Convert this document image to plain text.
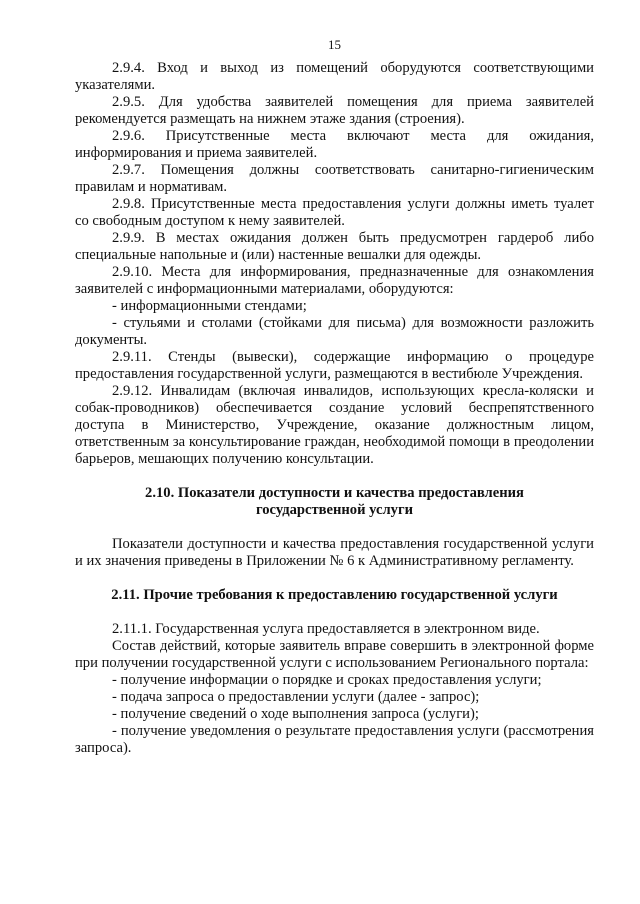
15

2.9.4. Вход и выход из помещений оборудуются соответствующими указателями.

2.9.5. Для удобства заявителей помещения для приема заявителей рекомендуется размещать на нижнем этаже здания (строения).

2.9.6. Присутственные места включают места для ожидания, информирования и приема заявителей.

2.9.7. Помещения должны соответствовать санитарно-гигиеническим правилам и нормативам.

2.9.8. Присутственные места предоставления услуги должны иметь туалет со свободным доступом к нему заявителей.

2.9.9. В местах ожидания должен быть предусмотрен гардероб либо специальные напольные и (или) настенные вешалки для одежды.

2.9.10. Места для информирования, предназначенные для ознакомления заявителей с информационными материалами, оборудуются:

- информационными стендами;

- стульями и столами (стойками для письма) для возможности разложить документы.

2.9.11. Стенды (вывески), содержащие информацию о процедуре предоставления государственной услуги, размещаются в вестибюле Учреждения.

2.9.12. Инвалидам (включая инвалидов, использующих кресла-коляски и собак-проводников) обеспечивается создание условий беспрепятственного доступа в Министерство, Учреждение, оказание должностным лицом, ответственным за консультирование граждан, необходимой помощи в преодолении барьеров, мешающих получению консультации.

2.10. Показатели доступности и качества предоставления
государственной услуги

Показатели доступности и качества предоставления государственной услуги и их значения приведены в Приложении № 6 к Административному регламенту.

2.11. Прочие требования к предоставлению государственной услуги

2.11.1. Государственная услуга предоставляется в электронном виде.

Состав действий, которые заявитель вправе совершить в электронной форме при получении государственной услуги с использованием Регионального портала:

- получение информации о порядке и сроках предоставления услуги;

- подача запроса о предоставлении услуги (далее - запрос);

- получение сведений о ходе выполнения запроса (услуги);

- получение уведомления о результате предоставления услуги (рассмотрения запроса).
